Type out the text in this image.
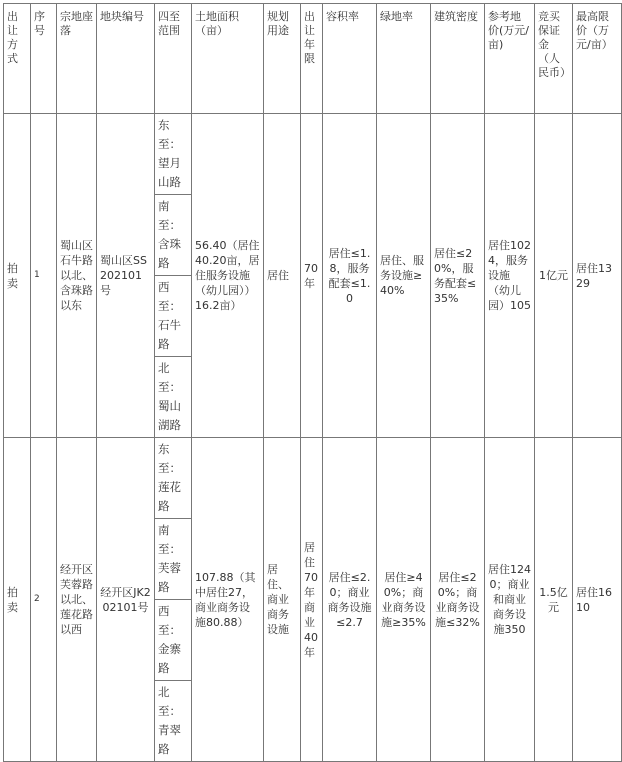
出让方式	序号	宗地座落	地块编号	四至范围	土地面积（亩）	规划用途	出让年限	容积率	绿地率	建筑密度	参考地价(万元/亩)	竞买保证金（人民币）	最高限价（万元/亩）
拍卖	1	蜀山区石牛路以北、含珠路以东	蜀山区SS202101号	东至：望月山路	56.40（居住40.20亩，居住服务设施（幼儿园））16.2亩）	居住	70年	居住≤1.8，服务配套≤1.0	居住、服务设施≥40%	居住≤20%，服务配套≤35%	居住1024，服务设施（幼儿园）105	1亿元	居住1329
				南至：含珠路									
				西至：石牛路									
				北至：蜀山湖路									
拍卖	2	经开区芙蓉路以北、莲花路以西	经开区JK202101号	东至：莲花路	107.88（其中居住27，商业商务设施80.88）	居住、商业商务设施	居住70年商业40年	居住≤2.0；商业商务设施≤2.7	居住≥40%；商业商务设施≥35%	居住≤20%；商业商务设施≤32%	居住1240；商业和商业商务设施350	1.5亿元	居住1610
				南至：芙蓉路									
				西至：金寨路									
				北至：青翠路									
